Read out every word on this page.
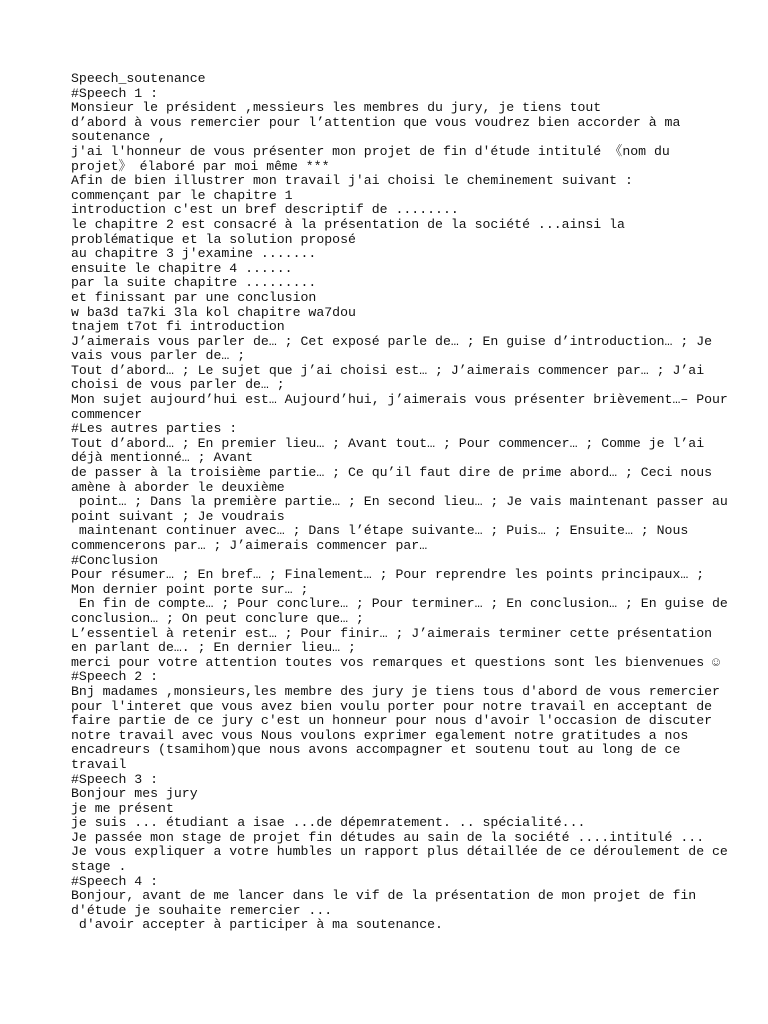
Speech_soutenance

#Speech 1 :

Monsieur le président ,messieurs les membres du jury, je tiens tout

d’abord à vous remercier pour l’attention que vous voudrez bien accorder à ma

soutenance ,

j'ai l'honneur de vous présenter mon projet de fin d'étude intitulé 《nom du

projet》 élaboré par moi même ***

Afin de bien illustrer mon travail j'ai choisi le cheminement suivant :

commençant par le chapitre 1

introduction c'est un bref descriptif de ........

le chapitre 2 est consacré à la présentation de la société ...ainsi la

problématique et la solution proposé

au chapitre 3 j'examine .......

ensuite le chapitre 4 ......

par la suite chapitre .........

et finissant par une conclusion

w ba3d ta7ki 3la kol chapitre wa7dou

tnajem t7ot fi introduction

J’aimerais vous parler de… ; Cet exposé parle de… ; En guise d’introduction… ; Je

vais vous parler de… ;

Tout d’abord… ; Le sujet que j’ai choisi est… ; J’aimerais commencer par… ; J’ai

choisi de vous parler de… ;

Mon sujet aujourd’hui est… Aujourd’hui, j’aimerais vous présenter brièvement…– Pour

commencer

#Les autres parties :

Tout d’abord… ; En premier lieu… ; Avant tout… ; Pour commencer… ; Comme je l’ai

déjà mentionné… ; Avant

de passer à la troisième partie… ; Ce qu’il faut dire de prime abord… ; Ceci nous

amène à aborder le deuxième

point… ; Dans la première partie… ; En second lieu… ; Je vais maintenant passer au

point suivant ; Je voudrais

maintenant continuer avec… ; Dans l’étape suivante… ; Puis… ; Ensuite… ; Nous

commencerons par… ; J’aimerais commencer par…

#Conclusion

Pour résumer… ; En bref… ; Finalement… ; Pour reprendre les points principaux… ;

Mon dernier point porte sur… ;

En fin de compte… ; Pour conclure… ; Pour terminer… ; En conclusion… ; En guise de

conclusion… ; On peut conclure que… ;

L’essentiel à retenir est… ; Pour finir… ; J’aimerais terminer cette présentation

en parlant de…. ; En dernier lieu… ;

merci pour votre attention toutes vos remarques et questions sont les bienvenues ☺

#Speech 2 :

Bnj madames ,monsieurs,les membre des jury je tiens tous d'abord de vous remercier

pour l'interet que vous avez bien voulu porter pour notre travail en acceptant de

faire partie de ce jury c'est un honneur pour nous d'avoir l'occasion de discuter

notre travail avec vous Nous voulons exprimer egalement notre gratitudes a nos

encadreurs (tsamihom)que nous avons accompagner et soutenu tout au long de ce

travail

#Speech 3 :

Bonjour mes jury

je me présent

je suis ... étudiant a isae ...de dépemratement. .. spécialité...

Je passée mon stage de projet fin détudes au sain de la société ....intitulé ...

Je vous expliquer a votre humbles un rapport plus détaillée de ce déroulement de ce

stage .

#Speech 4 :

Bonjour, avant de me lancer dans le vif de la présentation de mon projet de fin

d'étude je souhaite remercier ...

d'avoir accepter à participer à ma soutenance.
